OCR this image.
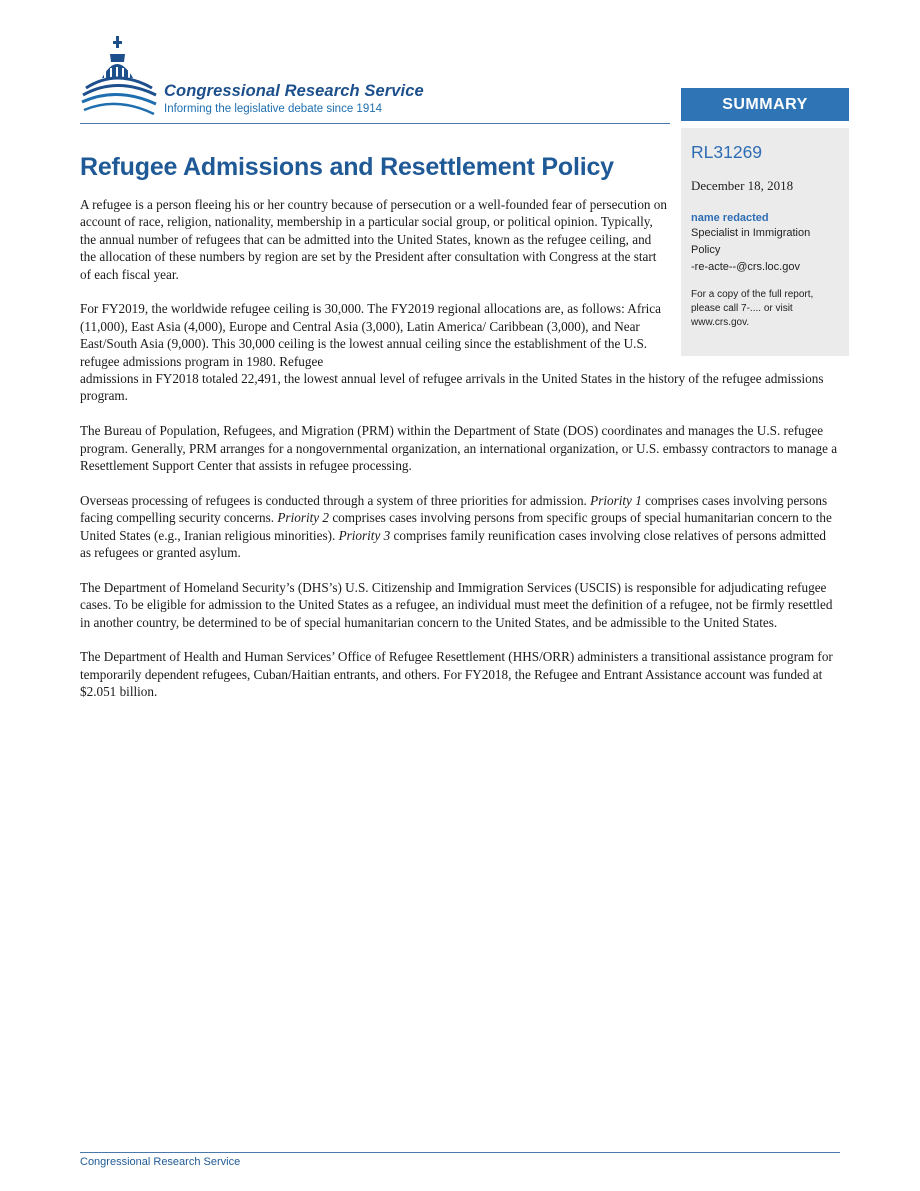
Congressional Research Service

Informing the legislative debate since 1914	SUMMARY

RL31269

December 18, 2018

name redacted

Specialist in Immigration

Policy

-re-acte--@crs.loc.gov

For a copy of the full report,
please call 7-.... or visit
www.crs.gov.

Refugee Admissions and Resettlement Policy

A refugee is a person fleeing his or her country because of persecution or a well-founded fear of persecution on account of race, religion, nationality, membership in a particular social group, or political opinion. Typically, the annual number of refugees that can be admitted into the United States, known as the refugee ceiling, and the allocation of these numbers by region are set by the President after consultation with Congress at the start of each fiscal year.

For FY2019, the worldwide refugee ceiling is 30,000. The FY2019 regional allocations are, as follows: Africa (11,000), East Asia (4,000), Europe and Central Asia (3,000), Latin America/ Caribbean (3,000), and Near East/South Asia (9,000). This 30,000 ceiling is the lowest annual ceiling since the establishment of the U.S. refugee admissions program in 1980. Refugee
admissions in FY2018 totaled 22,491, the lowest annual level of refugee arrivals in the United States in the history of the refugee admissions program.

The Bureau of Population, Refugees, and Migration (PRM) within the Department of State (DOS) coordinates and manages the U.S. refugee program. Generally, PRM arranges for a nongovernmental organization, an international organization, or U.S. embassy contractors to manage a Resettlement Support Center that assists in refugee processing.

Overseas processing of refugees is conducted through a system of three priorities for admission. Priority 1 comprises cases involving persons facing compelling security concerns. Priority 2 comprises cases involving persons from specific groups of special humanitarian concern to the United States (e.g., Iranian religious minorities). Priority 3 comprises family reunification cases involving close relatives of persons admitted as refugees or granted asylum.

The Department of Homeland Security’s (DHS’s) U.S. Citizenship and Immigration Services (USCIS) is responsible for adjudicating refugee cases. To be eligible for admission to the United States as a refugee, an individual must meet the definition of a refugee, not be firmly resettled in another country, be determined to be of special humanitarian concern to the United States, and be admissible to the United States.

The Department of Health and Human Services’ Office of Refugee Resettlement (HHS/ORR) administers a transitional assistance program for temporarily dependent refugees, Cuban/Haitian entrants, and others. For FY2018, the Refugee and Entrant Assistance account was funded at $2.051 billion.

Congressional Research Service
